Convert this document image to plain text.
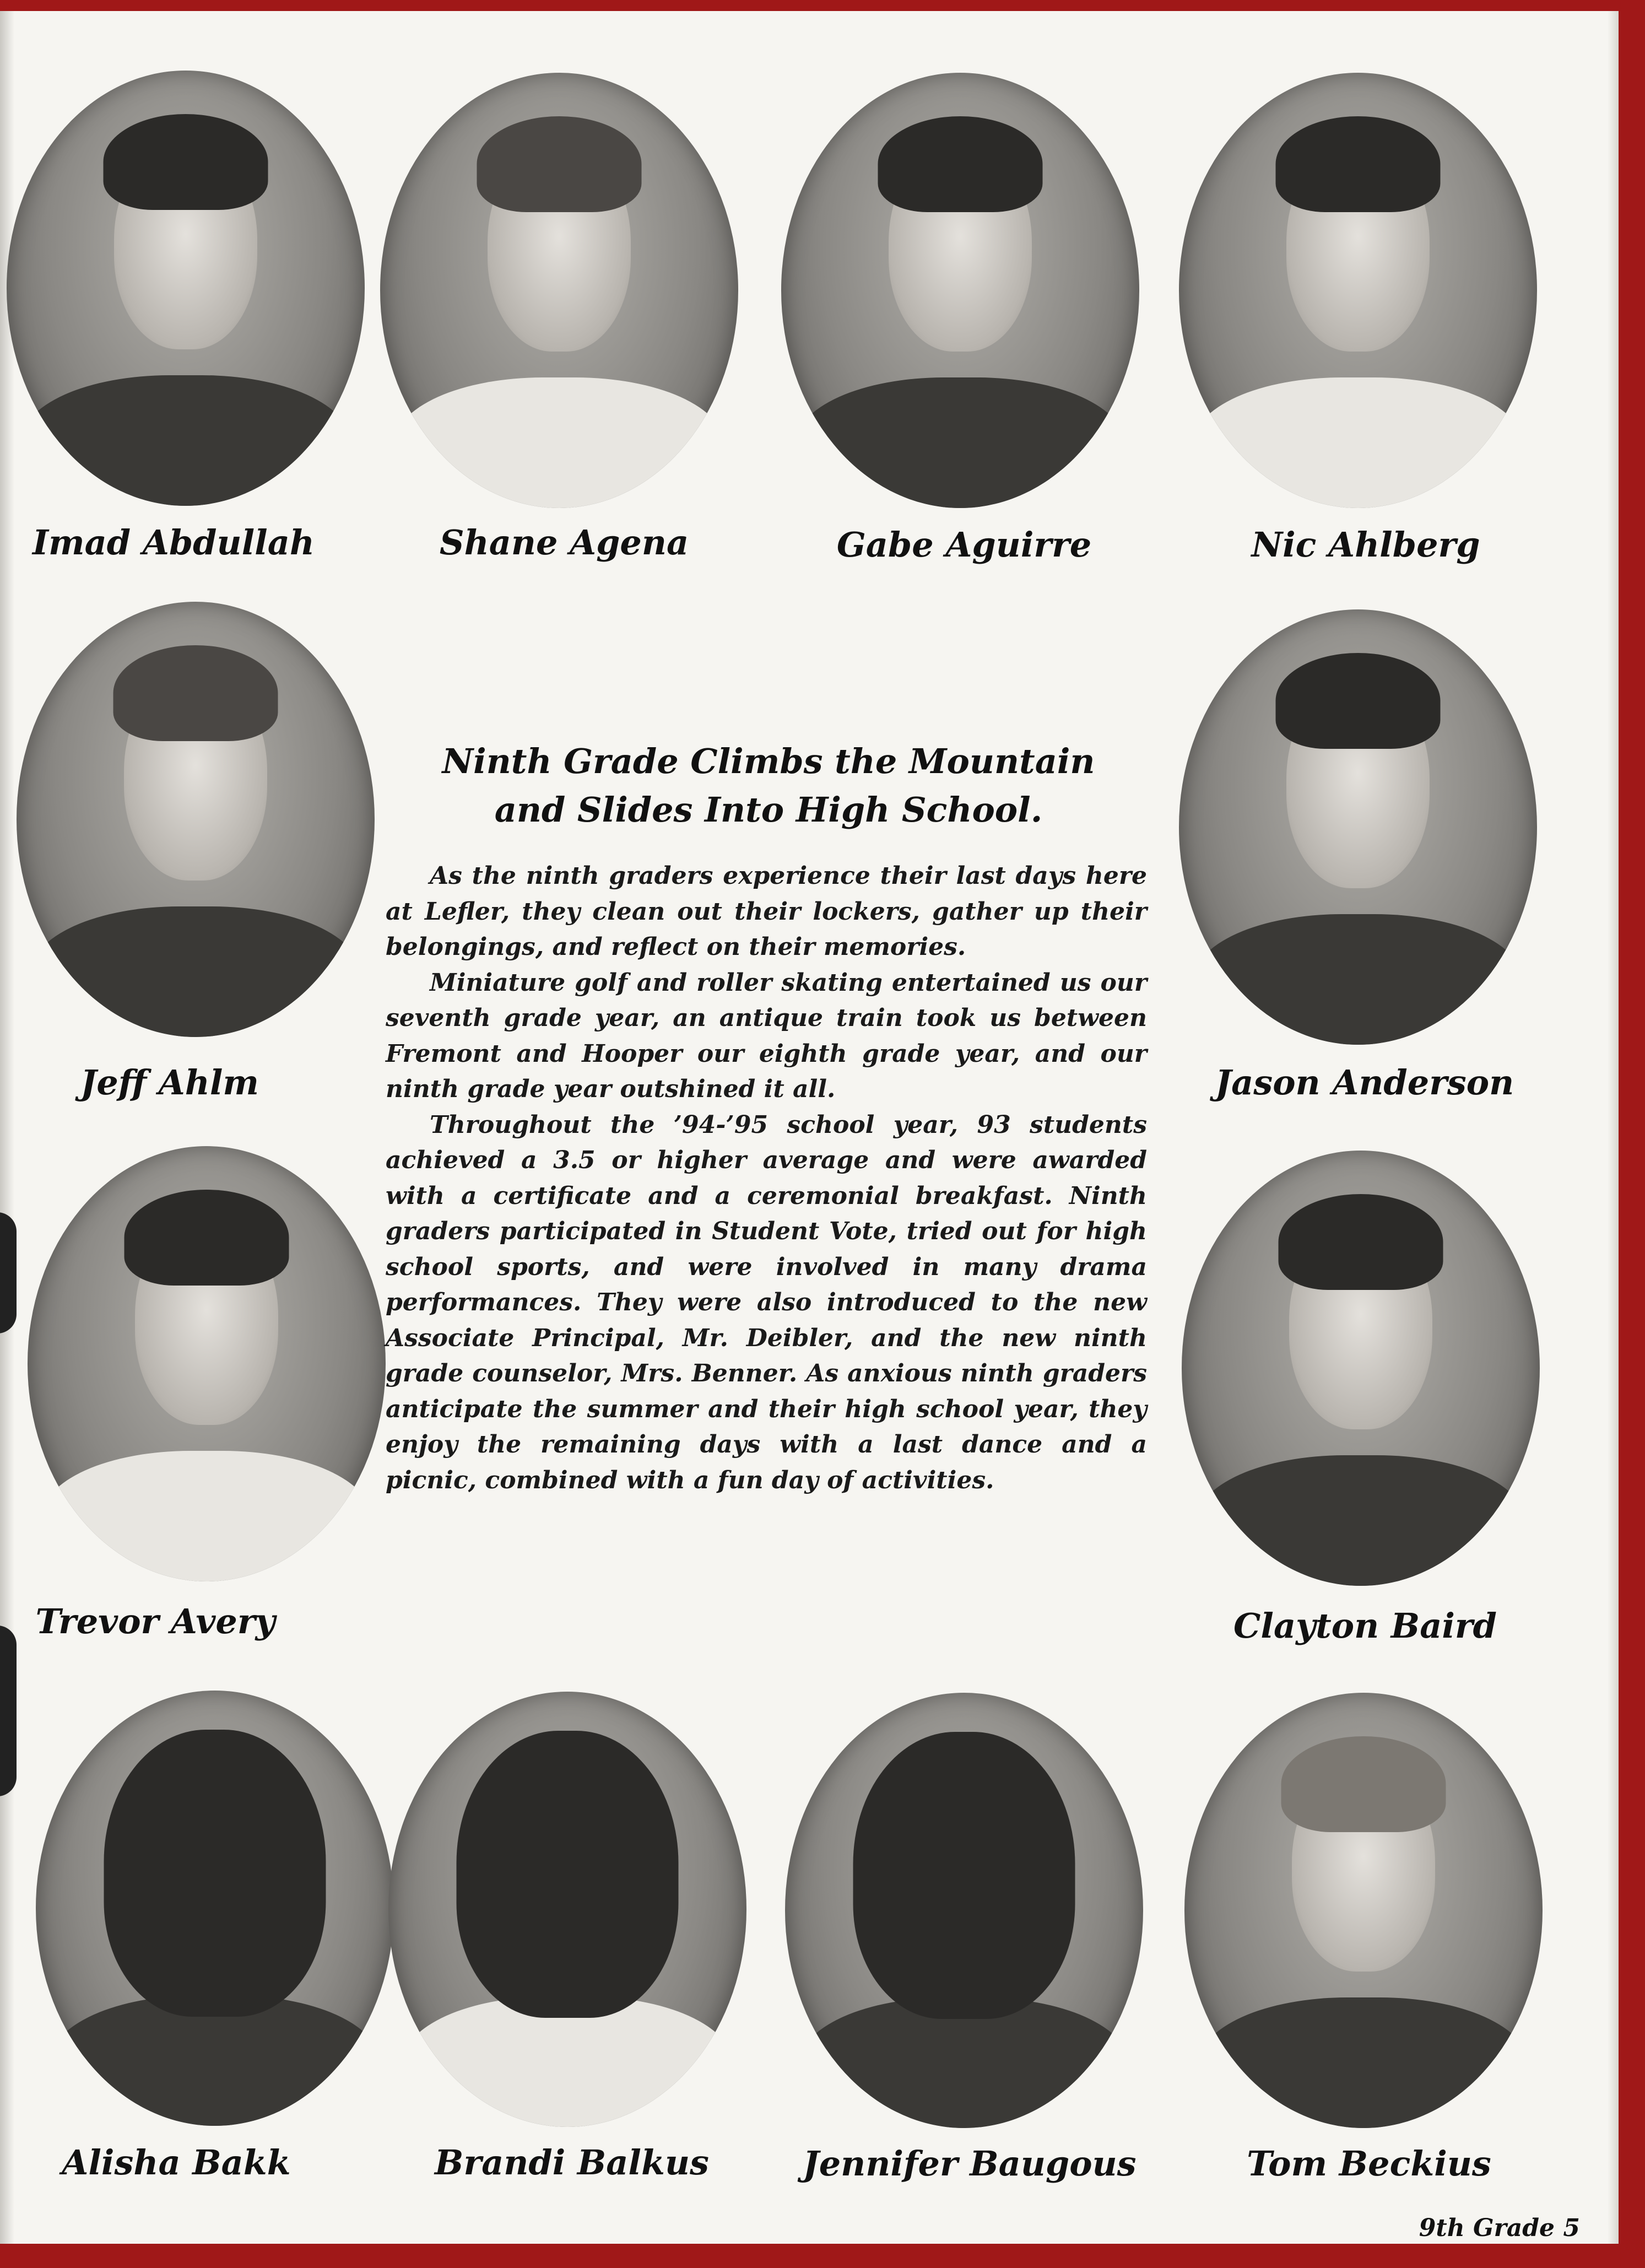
Imad Abdullah	Shane Agena	Gabe Aguirre	Nic Ahlberg
Jeff Ahlm	Jason Anderson
Trevor Avery	Clayton Baird
Alisha Bakk	Brandi Balkus	Jennifer Baugous	Tom Beckius
Ninth Grade Climbs the Mountain
and Slides Into High School.

As the ninth graders experience their last days here at Lefler, they clean out their lockers, gather up their belongings, and reflect on their memories.

Miniature golf and roller skating entertained us our seventh grade year, an antique train took us between Fremont and Hooper our eighth grade year, and our ninth grade year outshined it all.

Throughout the ’94-’95 school year, 93 students achieved a 3.5 or higher average and were awarded with a certificate and a ceremonial breakfast. Ninth graders participated in Student Vote, tried out for high school sports, and were involved in many drama performances. They were also introduced to the new Associate Principal, Mr. Deibler, and the new ninth grade counselor, Mrs. Benner. As anxious ninth graders anticipate the summer and their high school year, they enjoy the remaining days with a last dance and a picnic, combined with a fun day of activities.

9th Grade 5
